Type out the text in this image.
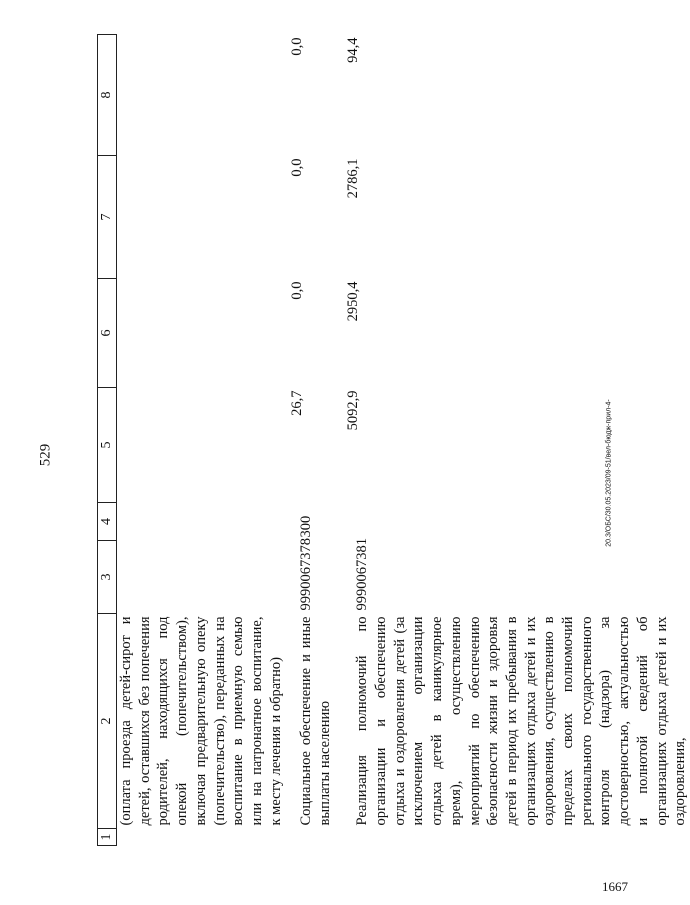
529
1	2	3	4	5	6	7	8
	(оплата проезда детей-сирот и детей, оставшихся без попечения родителей, находящихся под опекой (попечительством), включая предварительную опеку (попечительство), переданных на воспитание в приемную семью или на патронатное воспитание, к месту лечения и обратно)						
	Социальное обеспечение и иные выплаты населению	9990067378	300	26,7	0,0	0,0	0,0
	Реализация полномочий по организации и обеспечению отдыха и оздоровления детей (за исключением организации отдыха детей в каникулярное время), осуществлению мероприятий по обеспечению безопасности жизни и здоровья детей в период их пребывания в организациях отдыха детей и их оздоровления, осуществлению в пределах своих полномочий регионального государственного контроля (надзора) за достоверностью, актуальностью и полнотой сведений об организациях отдыха детей и их оздоровления,	9990067381		5092,9	2950,4	2786,1	94,4
20.3/ОБС/30.05.2023/09-51/вел-бюдж-прил-4-
1667
